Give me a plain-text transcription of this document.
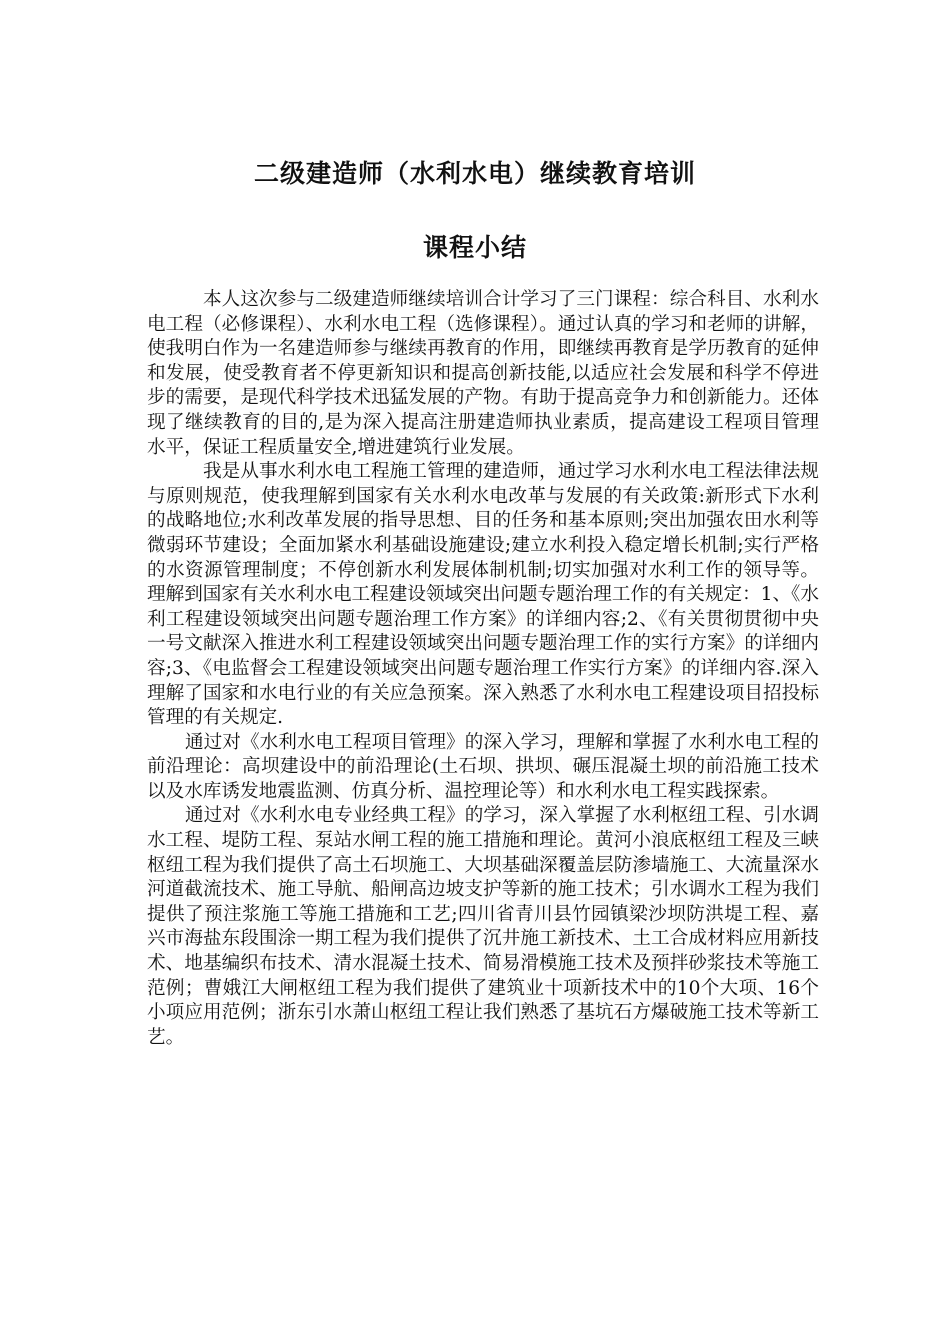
二级建造师（水利水电）继续教育培训
课程小结

本人这次参与二级建造师继续培训合计学习了三门课程：综合科目、水利水电工程（必修课程）、水利水电工程（选修课程）。通过认真的学习和老师的讲解，使我明白作为一名建造师参与继续再教育的作用，即继续再教育是学历教育的延伸和发展，使受教育者不停更新知识和提高创新技能,以适应社会发展和科学不停进步的需要，是现代科学技术迅猛发展的产物。有助于提高竞争力和创新能力。还体现了继续教育的目的,是为深入提高注册建造师执业素质，提高建设工程项目管理水平，保证工程质量安全,增进建筑行业发展。

我是从事水利水电工程施工管理的建造师，通过学习水利水电工程法律法规与原则规范，使我理解到国家有关水利水电改革与发展的有关政策:新形式下水利的战略地位;水利改革发展的指导思想、目的任务和基本原则;突出加强农田水利等微弱环节建设；全面加紧水利基础设施建设;建立水利投入稳定增长机制;实行严格的水资源管理制度；不停创新水利发展体制机制;切实加强对水利工作的领导等。理解到国家有关水利水电工程建设领域突出问题专题治理工作的有关规定：1、《水利工程建设领域突出问题专题治理工作方案》的详细内容;2、《有关贯彻贯彻中央一号文献深入推进水利工程建设领域突出问题专题治理工作的实行方案》的详细内容;3、《电监督会工程建设领域突出问题专题治理工作实行方案》的详细内容.深入理解了国家和水电行业的有关应急预案。深入熟悉了水利水电工程建设项目招投标管理的有关规定.

通过对《水利水电工程项目管理》的深入学习，理解和掌握了水利水电工程的前沿理论：高坝建设中的前沿理论(土石坝、拱坝、碾压混凝土坝的前沿施工技术以及水库诱发地震监测、仿真分析、温控理论等）和水利水电工程实践探索。

通过对《水利水电专业经典工程》的学习，深入掌握了水利枢纽工程、引水调水工程、堤防工程、泵站水闸工程的施工措施和理论。黄河小浪底枢纽工程及三峡枢纽工程为我们提供了高土石坝施工、大坝基础深覆盖层防渗墙施工、大流量深水河道截流技术、施工导航、船闸高边坡支护等新的施工技术；引水调水工程为我们提供了预注浆施工等施工措施和工艺;四川省青川县竹园镇梁沙坝防洪堤工程、嘉兴市海盐东段围涂一期工程为我们提供了沉井施工新技术、土工合成材料应用新技术、地基编织布技术、清水混凝土技术、简易滑模施工技术及预拌砂浆技术等施工范例；曹娥江大闸枢纽工程为我们提供了建筑业十项新技术中的10个大项、16个小项应用范例；浙东引水萧山枢纽工程让我们熟悉了基坑石方爆破施工技术等新工艺。
